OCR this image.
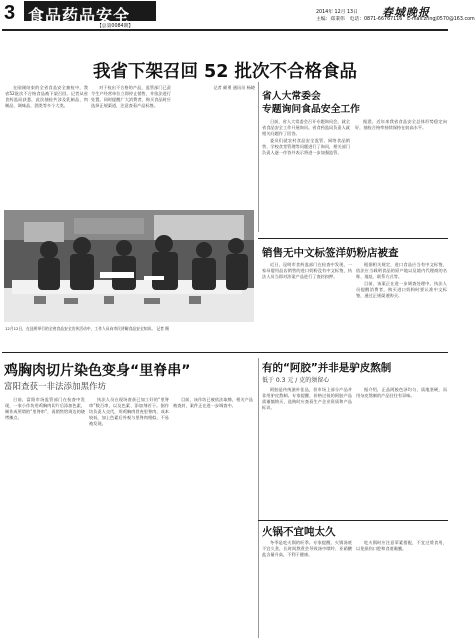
3 食品药品安全
【总第0084期】
2014年 12月 13日
主编：郑秉伟　电话：0871-66767116　E-mail:zhngj0570@163.com
春城晚报
我省下架召回 52 批次不合格食品

在刚刚结束的全省食品安全抽检中，我省52批次不合格食品被下架召回。记者从省食药监局获悉，此次抽检共涉及乳制品、肉制品、调味品、酒类等多个大类。

对于检出不合格的产品，监管部门已责令生产经营单位立即停止销售，并依法进行处置。同时提醒广大消费者，购买食品时应选择正规渠道，注意查看产品标签。

记者 颜勇 通讯员 杨晓

12月12日，在昆明举行的全省食品安全宣传活动中，工作人员向市民讲解食品安全知识。 记者 摄
省人大常委会
专题询问食品安全工作

日前，省人大常委会召开专题询问会，就全省食品安全工作开展询问。省食药监局负责人就相关问题作了回答。

委员们就农村食品安全监管、网络食品销售、学校食堂管理等问题进行了询问，相关部门负责人逐一作答并表示将进一步加强监管。

据悉，近年来我省食品安全总体形势稳定向好，抽检合格率持续保持在较高水平。

销售无中文标签洋奶粉店被查

近日，昆明市食药监部门在检查中发现，一家母婴用品店销售的进口奶粉没有中文标签，执法人员当即对涉案产品进行了查封扣押。

根据相关规定，进口食品应当有中文标签，依法应当载明食品的原产地以及境内代理商的名称、地址、联系方式等。

目前，该案正在进一步调查处理中。执法人员提醒消费者，购买进口奶粉时要认准中文标签，通过正规渠道购买。

鸡胸肉切片染色变身“里脊串”
富阳查获一非法添加黑作坊

日前，富阳市场监管部门在检查中发现，一家小作坊用鸡胸肉切片后添加色素，制作成所谓的“里脊串”，再销售给周边的烧烤摊点。

执法人员在现场查获已加工好的“里脊串”数百串，以及色素、添加剂若干。据作坊负责人交代，用鸡胸肉冒充里脊肉，成本较低，加上色素后外观与里脊肉相似，不易被发现。

目前，该作坊已被依法取缔，相关产品被查封，案件正在进一步调查中。

有的“阿胶”并非是驴皮熬制
低于 0.3 元 / 克的须留心

阿胶是传统滋补佳品，但市场上部分产品并非用驴皮熬制。专家提醒，价格过低的阿胶产品需谨慎购买，选购时应查看生产企业资质和产品标识。

据介绍，正品阿胶色泽均匀、质地坚硬，而用杂皮熬制的产品往往有异味。

火锅不宜吨太久

冬季是吃火锅的旺季。专家提醒，火锅汤底不宜久煮，长时间熬煮会导致汤中嘌呤、亚硝酸盐含量升高，不利于健康。

吃火锅时应注意荤素搭配，不宜过烫食用，以免损伤口腔和食道黏膜。
